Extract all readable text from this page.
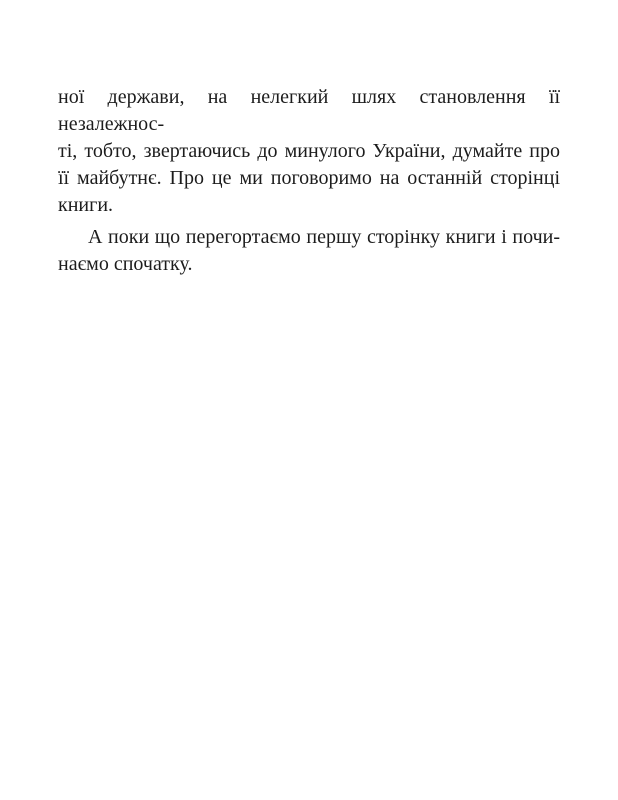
ної держави, на нелегкий шлях становлення її незалежнос-
ті, тобто, звертаючись до минулого України, думайте про
її майбутнє. Про це ми поговоримо на останній сторінці
книги.

А поки що перегортаємо першу сторінку книги і почи-
наємо спочатку.
